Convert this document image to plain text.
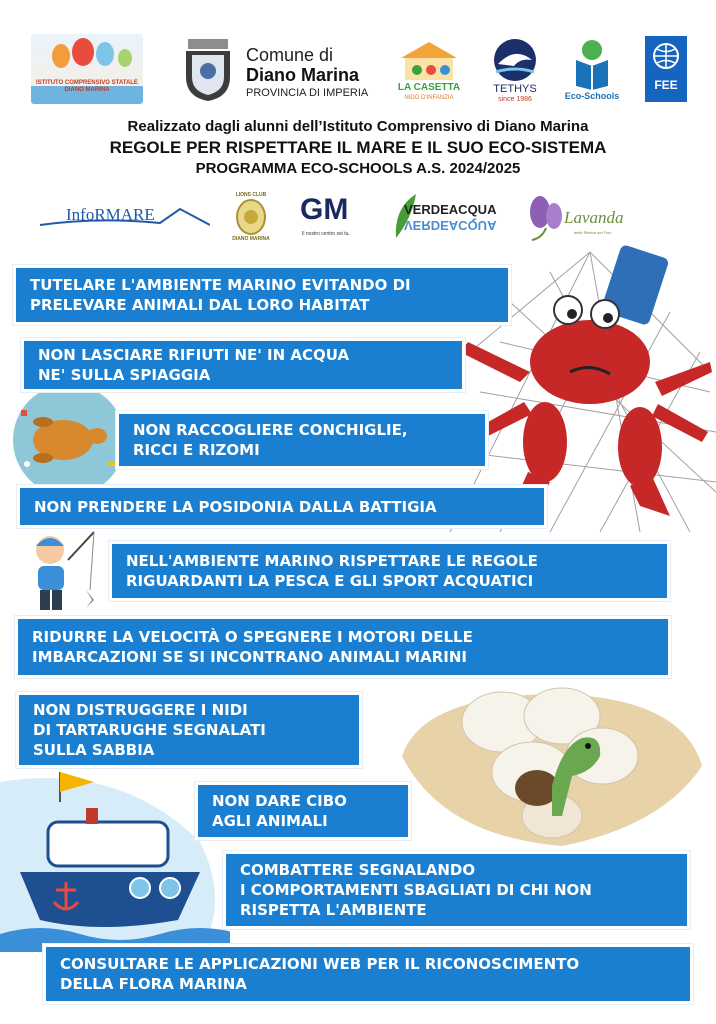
ISTITUTO COMPRENSIVO STATALE DIANO MARINA
Comune di
Diano Marina
PROVINCIA DI IMPERIA	LA CASETTA
NIDO D'INFANZIA
TETHYS
since 1986	Eco-Schools
FEE
Realizzato dagli alunni dell’Istituto Comprensivo di Diano Marina
REGOLE PER RISPETTARE IL MARE E IL SUO ECO-SISTEMA
PROGRAMMA ECO-SCHOOLS A.S. 2024/2025
InfoRMARE
LIONS CLUB
DIANO MARINA
GM
Il nostro centro sei tu.
VERDEACQUA
VERDEACQUA	Lavanda
delle Riviera dei Fiori
TUTELARE L'AMBIENTE MARINO EVITANDO DI
PRELEVARE ANIMALI DAL LORO HABITAT
NON LASCIARE RIFIUTI NE' IN ACQUA
NE' SULLA SPIAGGIA
NON RACCOGLIERE CONCHIGLIE,
RICCI E RIZOMI
NON PRENDERE LA POSIDONIA DALLA BATTIGIA
NELL'AMBIENTE MARINO RISPETTARE LE REGOLE
RIGUARDANTI LA PESCA E GLI SPORT ACQUATICI
RIDURRE LA VELOCITÀ O SPEGNERE I MOTORI DELLE
IMBARCAZIONI SE SI INCONTRANO ANIMALI MARINI
NON DISTRUGGERE I NIDI
DI TARTARUGHE SEGNALATI
SULLA SABBIA
NON DARE CIBO
AGLI ANIMALI
COMBATTERE SEGNALANDO
I COMPORTAMENTI SBAGLIATI DI CHI NON
RISPETTA L'AMBIENTE
CONSULTARE LE APPLICAZIONI WEB PER IL RICONOSCIMENTO
DELLA FLORA MARINA
